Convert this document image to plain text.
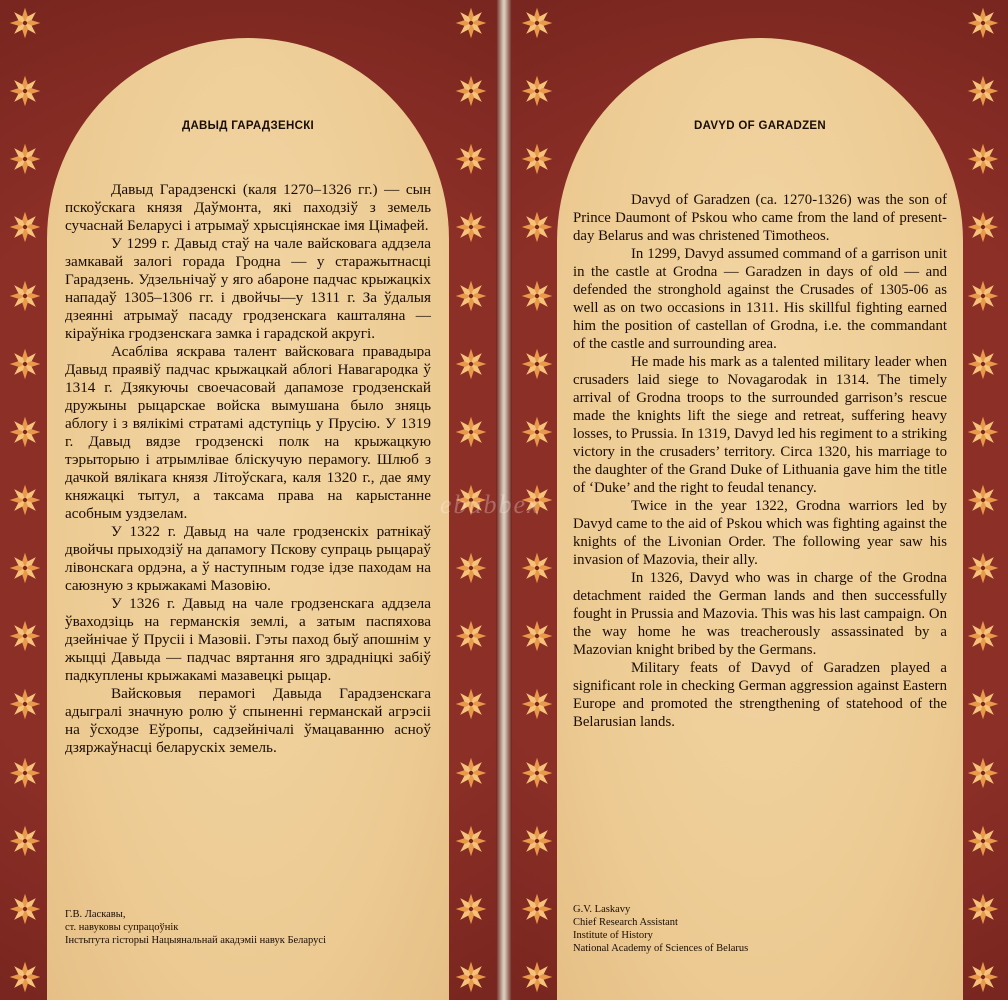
ДАВЫД ГАРАДЗЕНСКІ

Давыд Гарадзенскі (каля 1270–1326 гг.) — сын пскоўскага князя Даўмонта, які паходзіў з земель сучаснай Беларусі і атрымаў хрысціянскае імя Цімафей.

У 1299 г. Давыд стаў на чале вайсковага аддзела замкавай залогі горада Гродна — у старажытнасці Гарадзень. Удзельнічаў у яго абароне падчас крыжацкіх нападаў 1305–1306 гг. і двойчы—у 1311 г. За ўдалыя дзеянні атрымаў пасаду гродзенскага кашталяна — кіраўніка гродзенскага замка і гарадской акругі.

Асабліва яскрава талент вайсковага правадыра Давыд праявіў падчас крыжацкай аблогі Навагародка ў 1314 г. Дзякуючы своечасовай дапамозе гродзенскай дружыны рыцарскае войска вымушана было зняць аблогу і з вялікімі стратамі адступіць у Прусію. У 1319 г. Давыд вядзе гродзенскі полк на крыжацкую тэрыторыю і атрымлівае бліскучую перамогу. Шлюб з дачкой вялікага князя Літоўскага, каля 1320 г., дае яму княжацкі тытул, а таксама права на карыстанне асобным уздзелам.

У 1322 г. Давыд на чале гродзенскіх ратнікаў двойчы прыходзіў на дапамогу Пскову супраць рыцараў лівонскага ордэна, а ў наступным годзе ідзе паходам на саюзную з крыжакамі Мазовію.

У 1326 г. Давыд на чале гродзенскага аддзела ўваходзіць на германскія землі, а затым паспяхова дзейнічае ў Прусіі і Мазовіі. Гэты паход быў апошнім у жыцці Давыда — падчас вяртання яго здрадніцкі забіў падкуплены крыжакамі мазавецкі рыцар.

Вайсковыя перамогі Давыда Гарадзенскага адыгралі значную ролю ў спыненні германскай агрэсіі на ўсходзе Еўропы, садзейнічалі ўмацаванню асноў дзяржаўнасці беларускіх земель.

Г.В. Ласкавы,
ст. навуковы супрацоўнік
Інстытута гісторыі Нацыянальнай акадэміі навук Беларусі
DAVYD OF GARADZEN

Davyd of Garadzen (ca. 1270-1326) was the son of Prince Daumont of Pskou who came from the land of present-day Belarus and was christened Timotheos.

In 1299, Davyd assumed command of a garrison unit in the castle at Grodna — Garadzen in days of old — and defended the stronghold against the Crusades of 1305-06 as well as on two occasions in 1311. His skillful fighting earned him the position of castellan of Grodna, i.e. the commandant of the castle and surrounding area.

He made his mark as a talented military leader when crusaders laid siege to Novagarodak in 1314. The timely arrival of Grodna troops to the surrounded garrison’s rescue made the knights lift the siege and retreat, suffering heavy losses, to Prussia. In 1319, Davyd led his regiment to a striking victory in the crusaders’ territory. Circa 1320, his marriage to the daughter of the Grand Duke of Lithuania gave him the title of ‘Duke’ and the right to feudal tenancy.

Twice in the year 1322, Grodna warriors led by Davyd came to the aid of Pskou which was fighting against the knights of the Livonian Order. The following year saw his invasion of Mazovia, their ally.

In 1326, Davyd who was in charge of the Grodna detachment raided the German lands and then successfully fought in Prussia and Mazovia. This was his last campaign. On the way home he was treacherously assassinated by a Mazovian knight bribed by the Germans.

Military feats of Davyd of Garadzen played a significant role in checking German aggression against Eastern Europe and promoted the strengthening of statehood of the Belarusian lands.

G.V. Laskavy
Chief Research Assistant
Institute of History
National Academy of Sciences of Belarus
ebubbex
